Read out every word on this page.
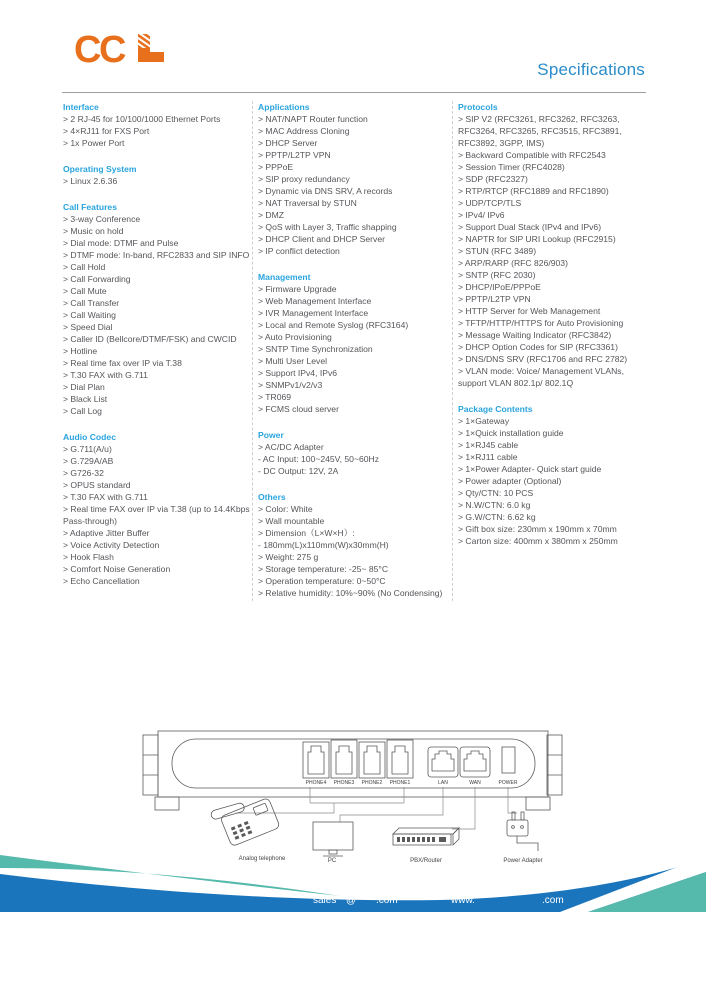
CC	Specifications
Interface
> 2 RJ-45 for 10/100/1000 Ethernet Ports
> 4×RJ11 for FXS Port
> 1x Power Port
Operating System
> Linux 2.6.36
Call Features
> 3-way Conference
> Music on hold
> Dial mode: DTMF and Pulse
> DTMF mode: In-band, RFC2833 and SIP INFO
> Call Hold
> Call Forwarding
> Call Mute
> Call Transfer
> Call Waiting
> Speed Dial
> Caller ID (Bellcore/DTMF/FSK) and CWCID
> Hotline
> Real time fax over IP via T.38
> T.30 FAX with G.711
> Dial Plan
> Black List
> Call Log
Audio Codec
> G.711(A/u)
> G.729A/AB
> G726-32
> OPUS standard
> T.30 FAX with G.711
> Real time FAX over IP via T.38 (up to 14.4Kbps Pass-through)
> Adaptive Jitter Buffer
> Voice Activity Detection
> Hook Flash
> Comfort Noise Generation
> Echo Cancellation
Applications
> NAT/NAPT Router function
> MAC Address Cloning
> DHCP Server
> PPTP/L2TP VPN
> PPPoE
> SIP proxy redundancy
> Dynamic via DNS SRV, A records
> NAT Traversal by STUN
> DMZ
> QoS with Layer 3, Traffic shapping
> DHCP Client and DHCP Server
> IP conflict detection
Management
> Firmware Upgrade
> Web Management Interface
> IVR Management Interface
> Local and Remote Syslog (RFC3164)
> Auto Provisioning
> SNTP Time Synchronization
> Multi User Level
> Support IPv4, IPv6
> SNMPv1/v2/v3
> TR069
> FCMS cloud server
Power
> AC/DC Adapter
- AC Input: 100~245V, 50~60Hz
- DC Output: 12V, 2A
Others
> Color: White
> Wall mountable
> Dimension（L×W×H）:
- 180mm(L)x110mm(W)x30mm(H)
> Weight: 275 g
> Storage temperature: -25~ 85°C
> Operation temperature: 0~50°C
> Relative humidity: 10%~90% (No Condensing)
Protocols
> SIP V2 (RFC3261, RFC3262, RFC3263, RFC3264, RFC3265, RFC3515, RFC3891, RFC3892, 3GPP, IMS)
> Backward Compatible with RFC2543
> Session Timer (RFC4028)
> SDP (RFC2327)
> RTP/RTCP (RFC1889 and RFC1890)
> UDP/TCP/TLS
> IPv4/ IPv6
> Support Dual Stack (IPv4 and IPv6)
> NAPTR for SIP URI Lookup (RFC2915)
> STUN (RFC 3489)
> ARP/RARP (RFC 826/903)
> SNTP (RFC 2030)
> DHCP/IPoE/PPPoE
> PPTP/L2TP VPN
> HTTP Server for Web Management
> TFTP/HTTP/HTTPS for Auto Provisioning
> Message Waiting Indicator (RFC3842)
> DHCP Option Codes for SIP (RFC3361)
> DNS/DNS SRV (RFC1706 and RFC 2782)
> VLAN mode: Voice/ Management VLANs, support VLAN 802.1p/ 802.1Q
Package Contents
> 1×Gateway
> 1×Quick installation guide
> 1×RJ45 cable
> 1×RJ11 cable
> 1×Power Adapter- Quick start guide
> Power adapter (Optional)
> Qty/CTN: 10 PCS
> N.W/CTN: 6.0 kg
> G.W/CTN: 6.62 kg
> Gift box size: 230mm x 190mm x 70mm
> Carton size: 400mm x 380mm x 250mm
PHONE4 PHONE3 PHONE2 PHONE1	LAN	WAN	POWER
Analog telephone	PC	PBX/Router	Power Adapter
sales @ .com	www.	.com
